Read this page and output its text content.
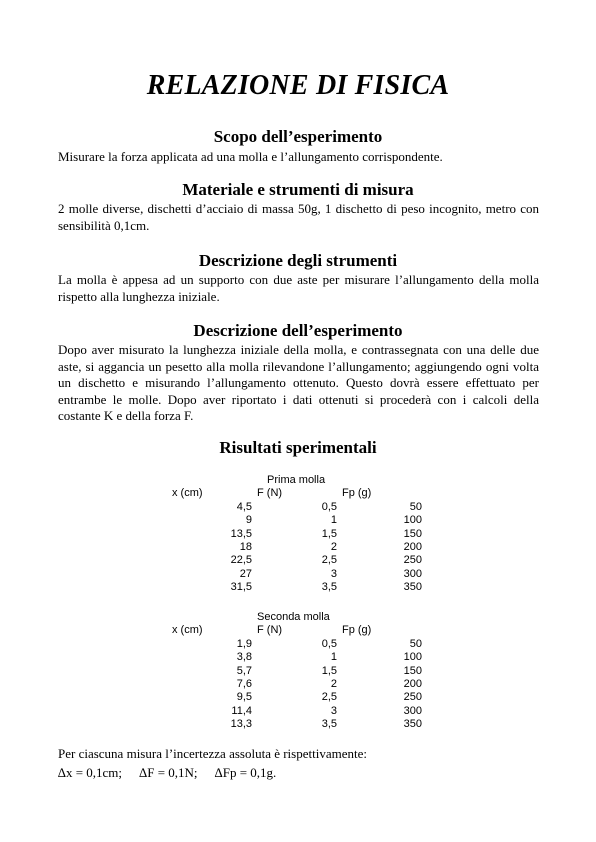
RELAZIONE DI FISICA
Scopo dell’esperimento
Misurare la forza applicata ad una molla e l’allungamento corrispondente.
Materiale e strumenti di misura
2 molle diverse, dischetti d’acciaio di massa 50g, 1 dischetto di peso incognito, metro con sensibilità 0,1cm.
Descrizione degli strumenti
La molla è appesa ad un supporto con due aste per misurare l’allungamento della molla rispetto alla lunghezza iniziale.
Descrizione dell’esperimento
Dopo aver misurato la lunghezza iniziale della molla, e contrassegnata con una delle due aste, si aggancia un pesetto alla molla rilevandone l’allungamento; aggiungendo ogni volta un dischetto e misurando l’allungamento ottenuto. Questo dovrà essere effettuato per entrambe le molle. Dopo aver riportato i dati ottenuti si procederà con i calcoli della costante K e della forza F.
Risultati sperimentali
Prima molla
x (cm)	F (N)	Fp (g)
4,5	0,5	50
9	1	100
13,5	1,5	150
18	2	200
22,5	2,5	250
27	3	300
31,5	3,5	350
Seconda molla
x (cm)	F (N)	Fp (g)
1,9	0,5	50
3,8	1	100
5,7	1,5	150
7,6	2	200
9,5	2,5	250
11,4	3	300
13,3	3,5	350
Per ciascuna misura l’incertezza assoluta è rispettivamente:
∆x = 0,1cm; ∆F = 0,1N; ∆Fp = 0,1g.
